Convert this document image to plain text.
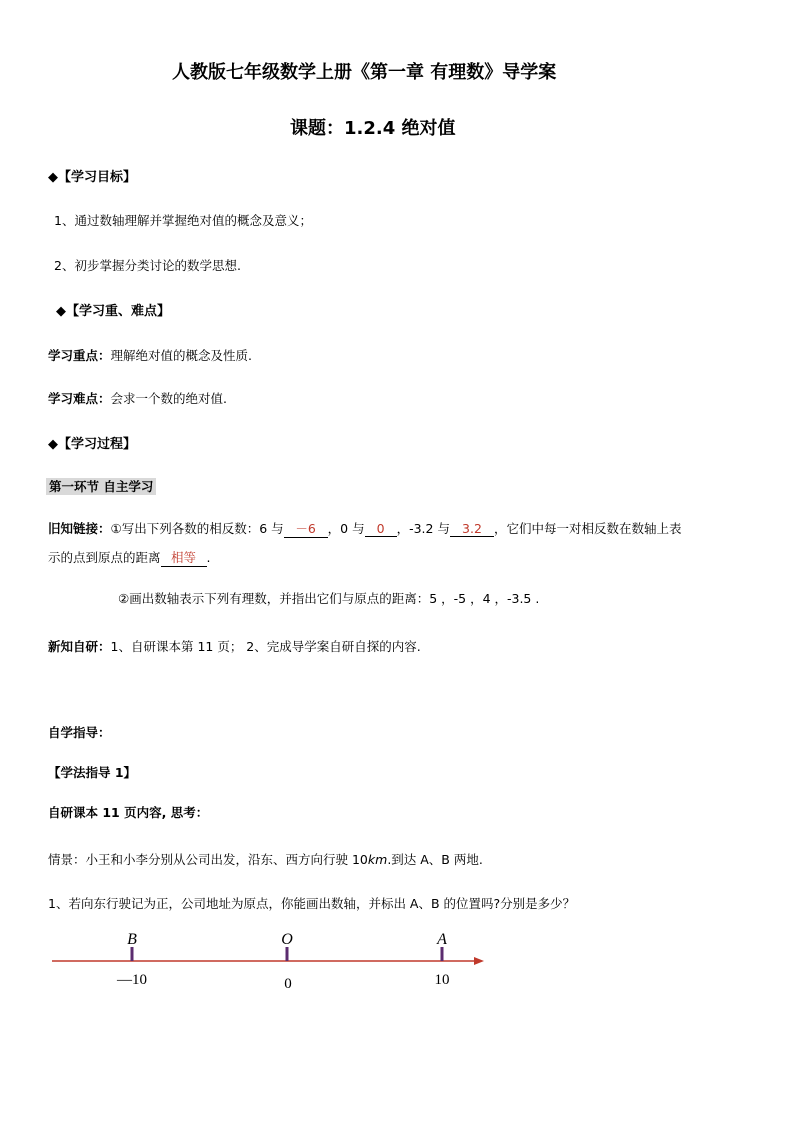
人教版七年级数学上册《第一章 有理数》导学案
课题：1.2.4 绝对值
◆【学习目标】
1、通过数轴理解并掌握绝对值的概念及意义；
2、初步掌握分类讨论的数学思想.
◆【学习重、难点】
学习重点：理解绝对值的概念及性质.
学习难点：会求一个数的绝对值.
◆【学习过程】
第一环节 自主学习
旧知链接：①写出下列各数的相反数：6 与 －6 ，0 与 0 ，-3.2 与 3.2 ，它们中每一对相反数在数轴上表
示的点到原点的距离 相等 .
②画出数轴表示下列有理数，并指出它们与原点的距离：5 ，-5 ，4 ，-3.5 .
新知自研：1、自研课本第 11 页； 2、完成导学案自研自探的内容.
自学指导：
【学法指导 1】
自研课本 11 页内容, 思考：
情景：小王和小李分别从公司出发，沿东、西方向行驶 10km.到达 A、B 两地.
1、若向东行驶记为正，公司地址为原点，你能画出数轴，并标出 A、B 的位置吗?分别是多少？
B
—10
O
0
A
10
